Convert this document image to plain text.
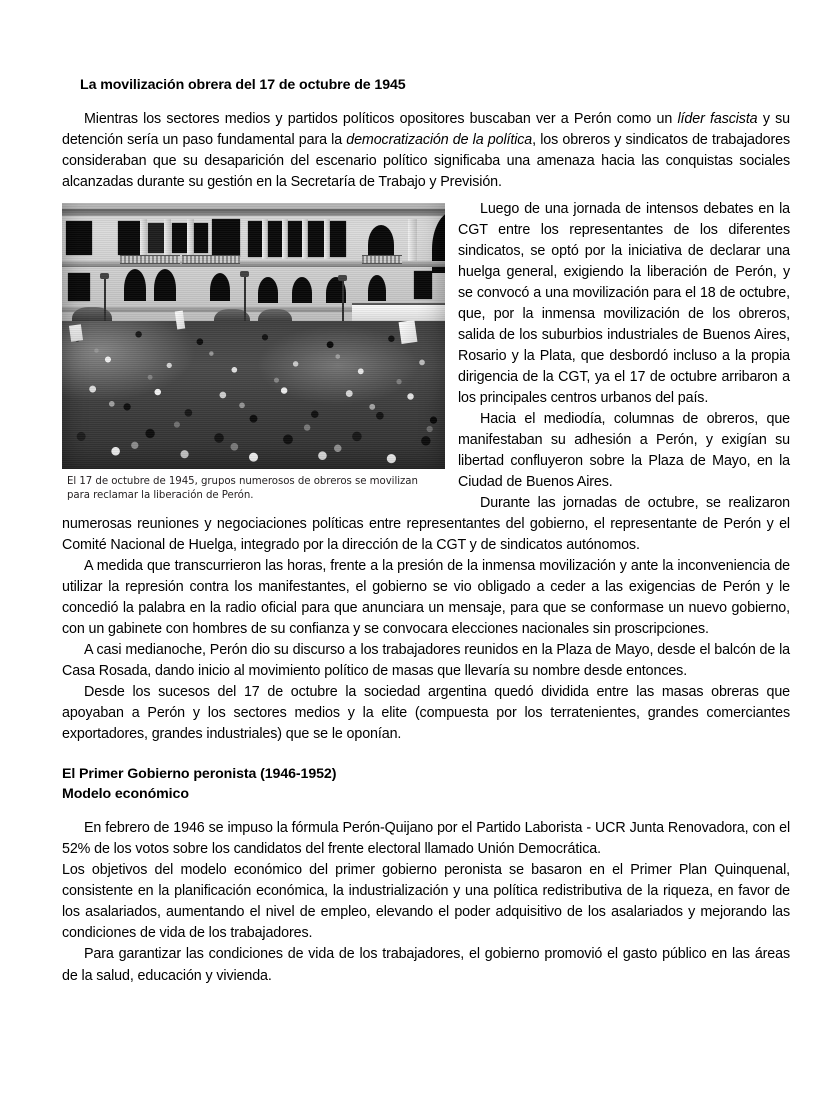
La movilización obrera del 17 de octubre de 1945

Mientras los sectores medios y partidos políticos opositores buscaban ver a Perón como un líder fascista y su detención sería un paso fundamental para la democratización de la política, los obreros y sindicatos de trabajadores consideraban que su desaparición del escenario político significaba una amenaza hacia las conquistas sociales alcanzadas durante su gestión en la Secretaría de Trabajo y Previsión.

El 17 de octubre de 1945, grupos numerosos de obreros se movilizan para reclamar la liberación de Perón.

Luego de una jornada de intensos debates en la CGT entre los representantes de los diferentes sindicatos, se optó por la iniciativa de declarar una huelga general, exigiendo la liberación de Perón, y se convocó a una movilización para el 18 de octubre, que, por la inmensa movilización de los obreros, salida de los suburbios industriales de Buenos Aires, Rosario y la Plata, que desbordó incluso a la propia dirigencia de la CGT, ya el 17 de octubre arribaron a los principales centros urbanos del país.

Hacia el mediodía, columnas de obreros, que manifestaban su adhesión a Perón, y exigían su libertad confluyeron sobre la Plaza de Mayo, en la Ciudad de Buenos Aires.

Durante las jornadas de octubre, se realizaron numerosas reuniones y negociaciones políticas entre representantes del gobierno, el representante de Perón y el Comité Nacional de Huelga, integrado por la dirección de la CGT y de sindicatos autónomos.

A medida que transcurrieron las horas, frente a la presión de la inmensa movilización y ante la inconveniencia de utilizar la represión contra los manifestantes, el gobierno se vio obligado a ceder a las exigencias de Perón y le concedió la palabra en la radio oficial para que anunciara un mensaje, para que se conformase un nuevo gobierno, con un gabinete con hombres de su confianza y se convocara elecciones nacionales sin proscripciones.

A casi medianoche, Perón dio su discurso a los trabajadores reunidos en la Plaza de Mayo, desde el balcón de la Casa Rosada, dando inicio al movimiento político de masas que llevaría su nombre desde entonces.

Desde los sucesos del 17 de octubre la sociedad argentina quedó dividida entre las masas obreras que apoyaban a Perón y los sectores medios y la elite (compuesta por los terratenientes, grandes comerciantes exportadores, grandes industriales) que se le oponían.

El Primer Gobierno peronista (1946-1952)
Modelo económico

En febrero de 1946 se impuso la fórmula Perón-Quijano por el Partido Laborista - UCR Junta Renovadora, con el 52% de los votos sobre los candidatos del frente electoral llamado Unión Democrática.

Los objetivos del modelo económico del primer gobierno peronista se basaron en el Primer Plan Quinquenal, consistente en la planificación económica, la industrialización y una política redistributiva de la riqueza, en favor de los asalariados, aumentando el nivel de empleo, elevando el poder adquisitivo de los asalariados y mejorando las condiciones de vida de los trabajadores.

Para garantizar las condiciones de vida de los trabajadores, el gobierno promovió el gasto público en las áreas de la salud, educación y vivienda.
